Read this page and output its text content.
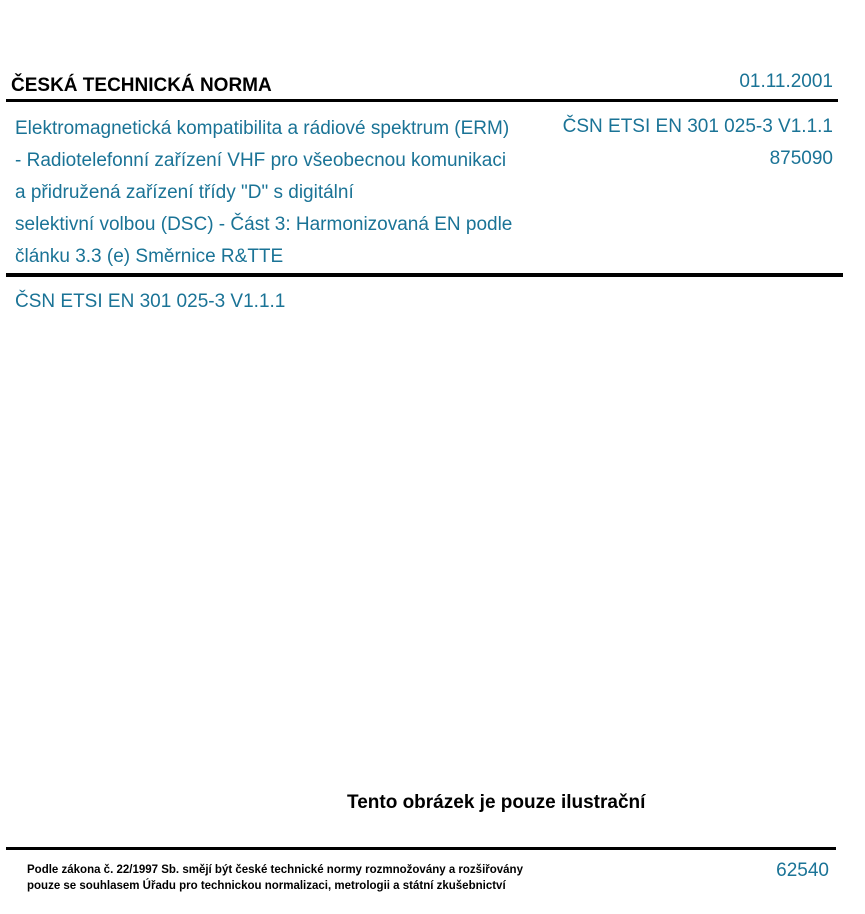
ČESKÁ TECHNICKÁ NORMA	01.11.2001
Elektromagnetická kompatibilita a rádiové spektrum (ERM)
- Radiotelefonní zařízení VHF pro všeobecnou komunikaci
a přidružená zařízení třídy "D" s digitální
selektivní volbou (DSC) - Část 3: Harmonizovaná EN podle
článku 3.3 (e) Směrnice R&TTE
ČSN ETSI EN 301 025-3 V1.1.1
875090
ČSN ETSI EN 301 025-3 V1.1.1
Tento obrázek je pouze ilustrační
Podle zákona č. 22/1997 Sb. smějí být české technické normy rozmnožovány a rozšiřovány
pouze se souhlasem Úřadu pro technickou normalizaci, metrologii a státní zkušebnictví
62540
